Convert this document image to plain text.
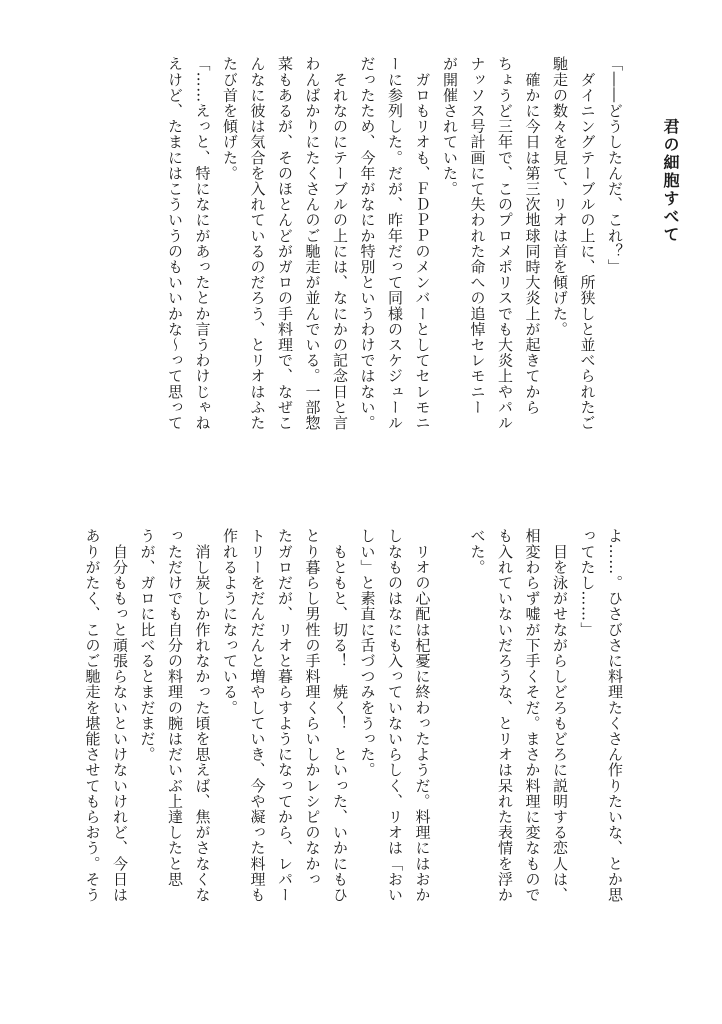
君の細胞すべて

「――どうしたんだ、これ？」

　ダイニングテーブルの上に、所狭しと並べられたご

馳走の数々を見て、リオは首を傾げた。

　確かに今日は第三次地球同時大炎上が起きてから

ちょうど三年で、このプロメポリスでも大炎上やパル

ナッソス号計画にて失われた命への追悼セレモニー

が開催されていた。

　ガロもリオも、ＦＤＰＰのメンバーとしてセレモニ

ーに参列した。だが、昨年だって同様のスケジュール

だったため、今年がなにか特別というわけではない。

　それなのにテーブルの上には、なにかの記念日と言

わんばかりにたくさんのご馳走が並んでいる。一部惣

菜もあるが、そのほとんどがガロの手料理で、なぜこ

んなに彼は気合を入れているのだろう、とリオはふた

たび首を傾げた。

「……えっと、特になにがあったとか言うわけじゃね

えけど、たまにはこういうのもいいかな～って思って

よ……。ひさびさに料理たくさん作りたいな、とか思

ってたし……」

　目を泳がせながらしどろもどろに説明する恋人は、

相変わらず嘘が下手くそだ。まさか料理に変なもので

も入れていないだろうな、とリオは呆れた表情を浮か

べた。

　リオの心配は杞憂に終わったようだ。料理にはおか

しなものはなにも入っていないらしく、リオは「おい

しい」と素直に舌づつみをうった。

　もともと、切る！　焼く！　といった、いかにもひ

とり暮らし男性の手料理くらいしかレシピのなかっ

たガロだが、リオと暮らすようになってから、レパー

トリーをだんだんと増やしていき、今や凝った料理も

作れるようになっている。

　消し炭しか作れなかった頃を思えば、焦がさなくな

っただけでも自分の料理の腕はだいぶ上達したと思

うが、ガロに比べるとまだまだ。

　自分ももっと頑張らないといけないけれど、今日は

ありがたく、このご馳走を堪能させてもらおう。そう
